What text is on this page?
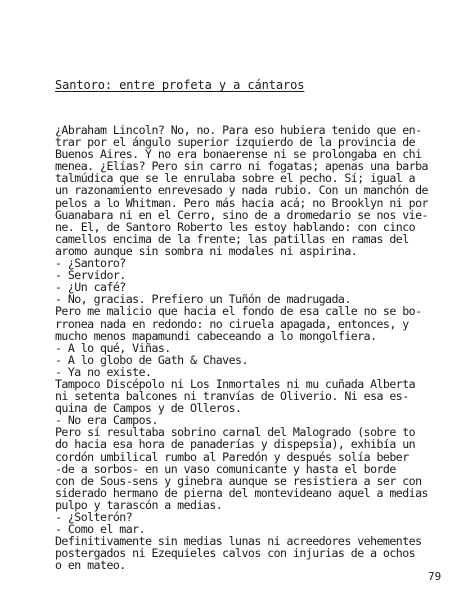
Santoro: entre profeta y a cántaros
¿Abraham Lincoln? No, no. Para eso hubiera tenido que en-
trar por el ángulo superior izquierdo de la provincia de
Buenos Aires. Y no era bonaerense ni se prolongaba en chi
menea. ¿Elías? Pero sin carro ni fogatas; apenas una barba
talmúdica que se le enrulaba sobre el pecho. Sí; igual a
un razonamiento enrevesado y nada rubio. Con un manchón de
pelos a lo Whitman. Pero más hacia acá; no Brooklyn ni por
Guanabara ni en el Cerro, sino de a dromedario se nos vie-
ne. El, de Santoro Roberto les estoy hablando: con cinco
camellos encima de la frente; las patillas en ramas del
aromo aunque sin sombra ni modales ni aspirina.
- ¿Santoro?
- Servidor.
- ¿Un café?
- No, gracias. Prefiero un Tuñón de madrugada.
Pero me malicio que hacia el fondo de esa calle no se bo-
rronea nada en redondo: no ciruela apagada, entonces, y
mucho menos mapamundi cabeceando a lo mongolfiera.
- A lo qué, Viñas.
- A lo globo de Gath & Chaves.
- Ya no existe.
Tampoco Discépolo ni Los Inmortales ni mu cuñada Alberta
ni setenta balcones ni tranvías de Oliverio. Ni esa es-
quina de Campos y de Olleros.
- No era Campos.
Pero sí resultaba sobrino carnal del Malogrado (sobre to
do hacia esa hora de panaderías y dispepsia), exhibía un
cordón umbilical rumbo al Paredón y después solía beber
-de a sorbos- en un vaso comunicante y hasta el borde
con de Sous-sens y ginebra aunque se resistiera a ser con
siderado hermano de pierna del montevideano aquel a medias
pulpo y tarascón a medias.
- ¿Solterón?
- Como el mar.
Definitivamente sin medias lunas ni acreedores vehementes
postergados ni Ezequieles calvos con injurias de a ochos
o en mateo.
79
